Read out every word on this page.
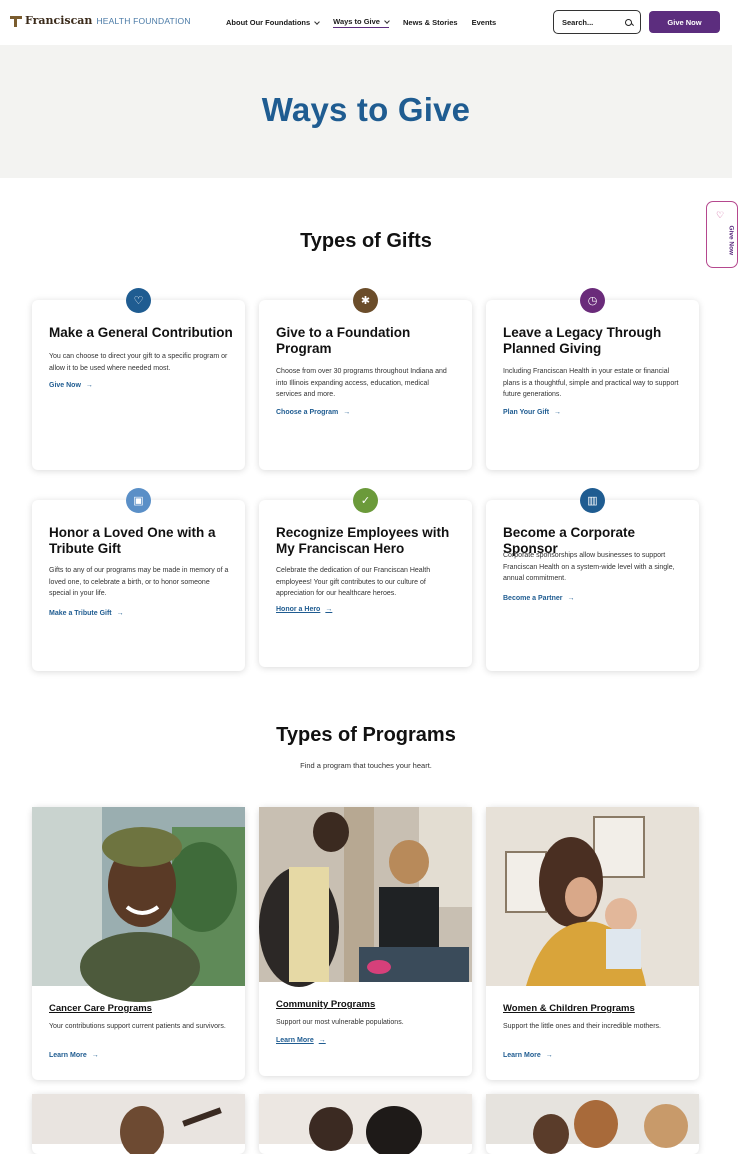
Franciscan HEALTH FOUNDATION	About Our Foundations	Ways to Give	News & Stories Events	Search...	Give Now
Ways to Give
♡
Give Now
Types of Gifts
Make a General Contribution

You can choose to direct your gift to a specific program or allow it to be used where needed most.

Give Now →
♡
Give to a Foundation Program

Choose from over 30 programs throughout Indiana and into Illinois expanding access, education, medical services and more.

Choose a Program →
✱
Leave a Legacy Through Planned Giving

Including Franciscan Health in your estate or financial plans is a thoughtful, simple and practical way to support future generations.

Plan Your Gift →
◷
Honor a Loved One with a Tribute Gift

Gifts to any of our programs may be made in memory of a loved one, to celebrate a birth, or to honor someone special in your life.

Make a Tribute Gift →
▣
Recognize Employees with My Franciscan Hero

Celebrate the dedication of our Franciscan Health employees! Your gift contributes to our culture of appreciation for our healthcare heroes.

Honor a Hero →
✓
Become a Corporate Sponsor

Corporate sponsorships allow businesses to support Franciscan Health on a system-wide level with a single, annual commitment.

Become a Partner →
▥
Types of Programs
Find a program that touches your heart.
Cancer Care Programs

Your contributions support current patients and survivors.

Learn More →
Community Programs

Support our most vulnerable populations.

Learn More →
Women & Children Programs

Support the little ones and their incredible mothers.

Learn More →
